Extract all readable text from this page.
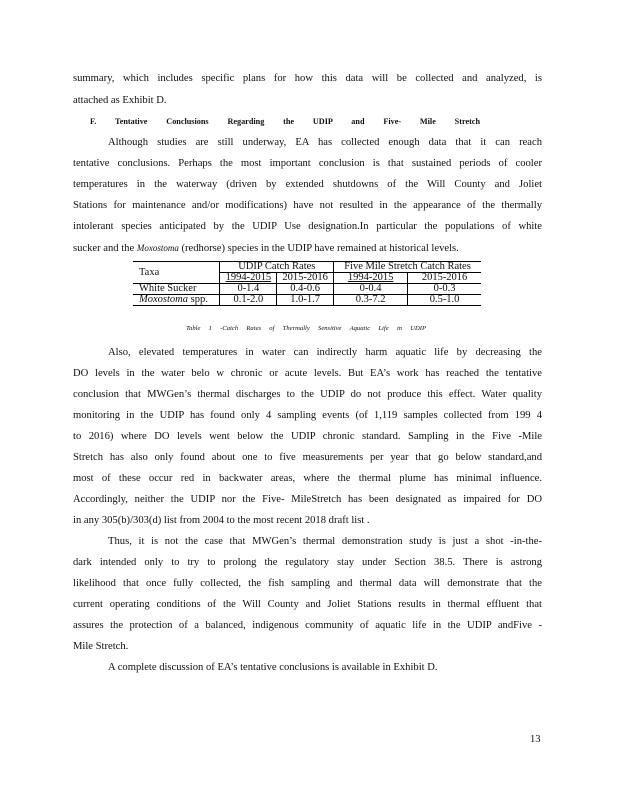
summary, which includes specific plans for how this data will be collected and analyzed, is
attached as Exhibit D.
F. Tentative Conclusions Regarding the UDIP and Five- Mile Stretch
Although studies are still underway, EA has collected enough data that it can reach
tentative conclusions. Perhaps the most important conclusion is that sustained periods of cooler
temperatures in the waterway (driven by extended shutdowns of the Will County and Joliet
Stations for maintenance and/or modifications) have not resulted in the appearance of the thermally
intolerant species anticipated by the UDIP Use designation.In particular the populations of white
sucker and the Moxostoma (redhorse) species in the UDIP have remained at historical levels.
Taxa	UDIP Catch Rates		Five Mile Stretch Catch Rates	
	1994-2015	2015-2016	1994-2015	2015-2016
White Sucker	0-1.4	0.4-0.6	0-0.4	0-0.3
Moxostoma spp.	0.1-2.0	1.0-1.7	0.3-7.2	0.5-1.0
Table 1 -Catch Rates of Thermally Sensitive Aquatic Life in UDIP
Also, elevated temperatures in water can indirectly harm aquatic life by decreasing the
DO levels in the water belo w chronic or acute levels. But EA’s work has reached the tentative
conclusion that MWGen’s thermal discharges to the UDIP do not produce this effect. Water quality
monitoring in the UDIP has found only 4 sampling events (of 1,119 samples collected from 199 4
to 2016) where DO levels went below the UDIP chronic standard. Sampling in the Five -Mile
Stretch has also only found about one to five measurements per year that go below standard,and
most of these occur red in backwater areas, where the thermal plume has minimal influence.
Accordingly, neither the UDIP nor the Five- MileStretch has been designated as impaired for DO
in any 305(b)/303(d) list from 2004 to the most recent 2018 draft list .
Thus, it is not the case that MWGen’s thermal demonstration study is just a shot -in-the-
dark intended only to try to prolong the regulatory stay under Section 38.5. There is astrong
likelihood that once fully collected, the fish sampling and thermal data will demonstrate that the
current operating conditions of the Will County and Joliet Stations results in thermal effluent that
assures the protection of a balanced, indigenous community of aquatic life in the UDIP andFive -
Mile Stretch.
A complete discussion of EA’s tentative conclusions is available in Exhibit D.
13
